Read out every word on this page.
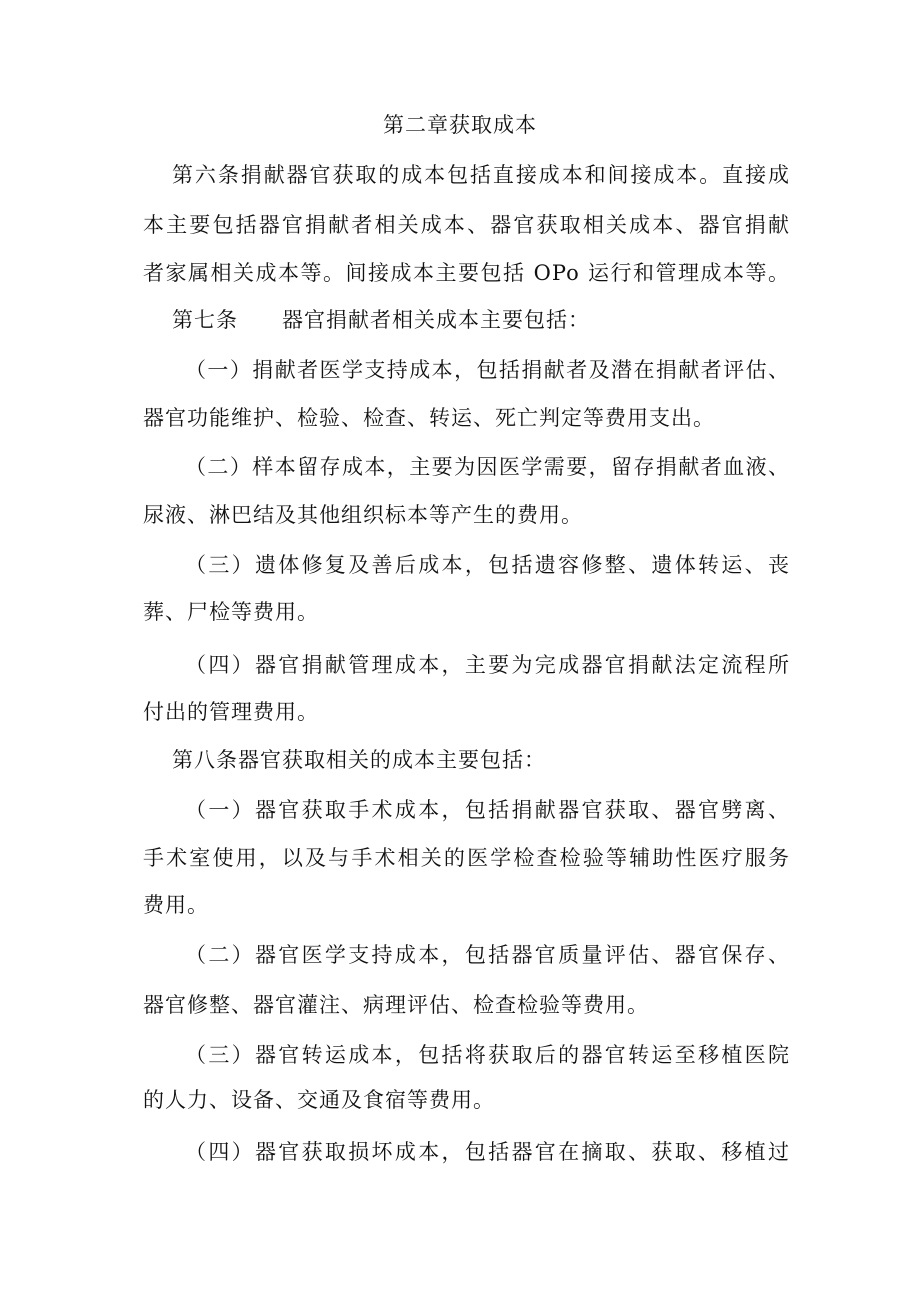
第二章获取成本
第六条捐献器官获取的成本包括直接成本和间接成本。直接成
本主要包括器官捐献者相关成本、器官获取相关成本、器官捐献
者家属相关成本等。间接成本主要包括 OPo 运行和管理成本等。
第七条　　器官捐献者相关成本主要包括：
（一）捐献者医学支持成本，包括捐献者及潜在捐献者评估、
器官功能维护、检验、检查、转运、死亡判定等费用支出。
（二）样本留存成本，主要为因医学需要，留存捐献者血液、
尿液、淋巴结及其他组织标本等产生的费用。
（三）遗体修复及善后成本，包括遗容修整、遗体转运、丧
葬、尸检等费用。
（四）器官捐献管理成本，主要为完成器官捐献法定流程所
付出的管理费用。
第八条器官获取相关的成本主要包括：
（一）器官获取手术成本，包括捐献器官获取、器官劈离、
手术室使用，以及与手术相关的医学检查检验等辅助性医疗服务
费用。
（二）器官医学支持成本，包括器官质量评估、器官保存、
器官修整、器官灌注、病理评估、检查检验等费用。
（三）器官转运成本，包括将获取后的器官转运至移植医院
的人力、设备、交通及食宿等费用。
（四）器官获取损坏成本，包括器官在摘取、获取、移植过
